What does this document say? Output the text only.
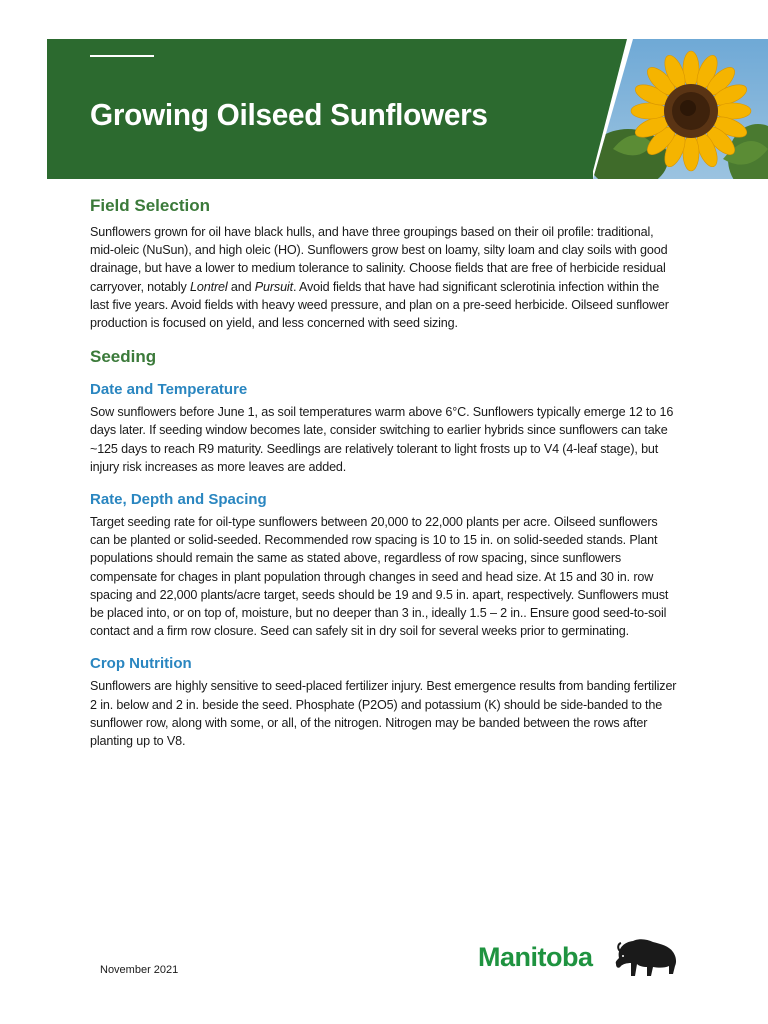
Growing Oilseed Sunflowers
Field Selection

Sunflowers grown for oil have black hulls, and have three groupings based on their oil profile: traditional, mid-oleic (NuSun), and high oleic (HO). Sunflowers grow best on loamy, silty loam and clay soils with good drainage, but have a lower to medium tolerance to salinity. Choose fields that are free of herbicide residual carryover, notably Lontrel and Pursuit. Avoid fields that have had significant sclerotinia infection within the last five years. Avoid fields with heavy weed pressure, and plan on a pre-seed herbicide. Oilseed sunflower production is focused on yield, and less concerned with seed sizing.

Seeding
Date and Temperature

Sow sunflowers before June 1, as soil temperatures warm above 6°C. Sunflowers typically emerge 12 to 16 days later. If seeding window becomes late, consider switching to earlier hybrids since sunflowers can take ~125 days to reach R9 maturity. Seedlings are relatively tolerant to light frosts up to V4 (4-leaf stage), but injury risk increases as more leaves are added.

Rate, Depth and Spacing

Target seeding rate for oil-type sunflowers between 20,000 to 22,000 plants per acre. Oilseed sunflowers can be planted or solid-seeded. Recommended row spacing is 10 to 15 in. on solid-seeded stands. Plant populations should remain the same as stated above, regardless of row spacing, since sunflowers compensate for chages in plant population through changes in seed and head size. At 15 and 30 in. row spacing and 22,000 plants/acre target, seeds should be 19 and 9.5 in. apart, respectively. Sunflowers must be placed into, or on top of, moisture, but no deeper than 3 in., ideally 1.5 – 2 in.. Ensure good seed-to-soil contact and a firm row closure. Seed can safely sit in dry soil for several weeks prior to germinating.

Crop Nutrition

Sunflowers are highly sensitive to seed-placed fertilizer injury. Best emergence results from banding fertilizer 2 in. below and 2 in. beside the seed. Phosphate (P2O5) and potassium (K) should be side-banded to the sunflower row, along with some, or all, of the nitrogen. Nitrogen may be banded between the rows after planting up to V8.

November 2021	Manitoba
